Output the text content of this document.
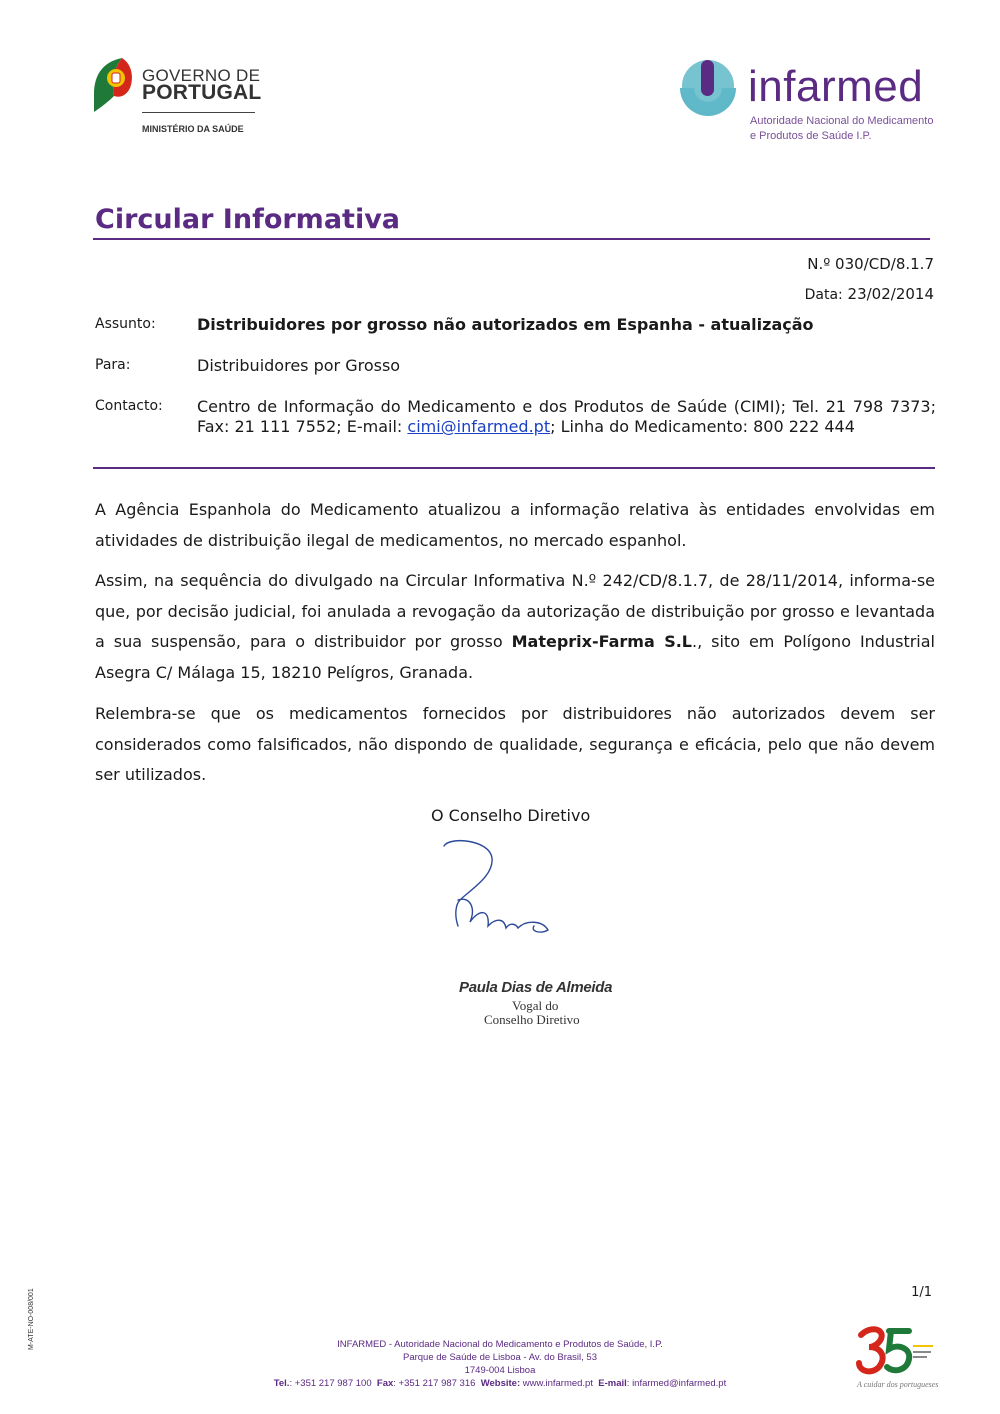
GOVERNO DE
PORTUGAL
MINISTÉRIO DA SAÚDE
infarmed
Autoridade Nacional do Medicamento
e Produtos de Saúde I.P.
Circular Informativa
N.º 030/CD/8.1.7
Data: 23/02/2014
Assunto:	Distribuidores por grosso não autorizados em Espanha - atualização
Para:	Distribuidores por Grosso
Contacto: Centro de Informação do Medicamento e dos Produtos de Saúde (CIMI); Tel. 21 798 7373; Fax: 21 111 7552; E-mail: cimi@infarmed.pt; Linha do Medicamento: 800 222 444
A Agência Espanhola do Medicamento atualizou a informação relativa às entidades envolvidas em atividades de distribuição ilegal de medicamentos, no mercado espanhol.
Assim, na sequência do divulgado na Circular Informativa N.º 242/CD/8.1.7, de 28/11/2014, informa-se que, por decisão judicial, foi anulada a revogação da autorização de distribuição por grosso e levantada a sua suspensão, para o distribuidor por grosso Mateprix-Farma S.L., sito em Polígono Industrial Asegra C/ Málaga 15, 18210 Pelígros, Granada.
Relembra-se que os medicamentos fornecidos por distribuidores não autorizados devem ser considerados como falsificados, não dispondo de qualidade, segurança e eficácia, pelo que não devem ser utilizados.
O Conselho Diretivo
Paula Dias de Almeida
Vogal do
Conselho Diretivo
1/1
M-ATE-NO-008/001	INFARMED - Autoridade Nacional do Medicamento e Produtos de Saúde, I.P.
Parque de Saúde de Lisboa - Av. do Brasil, 53
1749-004 Lisboa
Tel.: +351 217 987 100 Fax: +351 217 987 316 Website: www.infarmed.pt E-mail: infarmed@infarmed.pt	A cuidar dos portugueses
